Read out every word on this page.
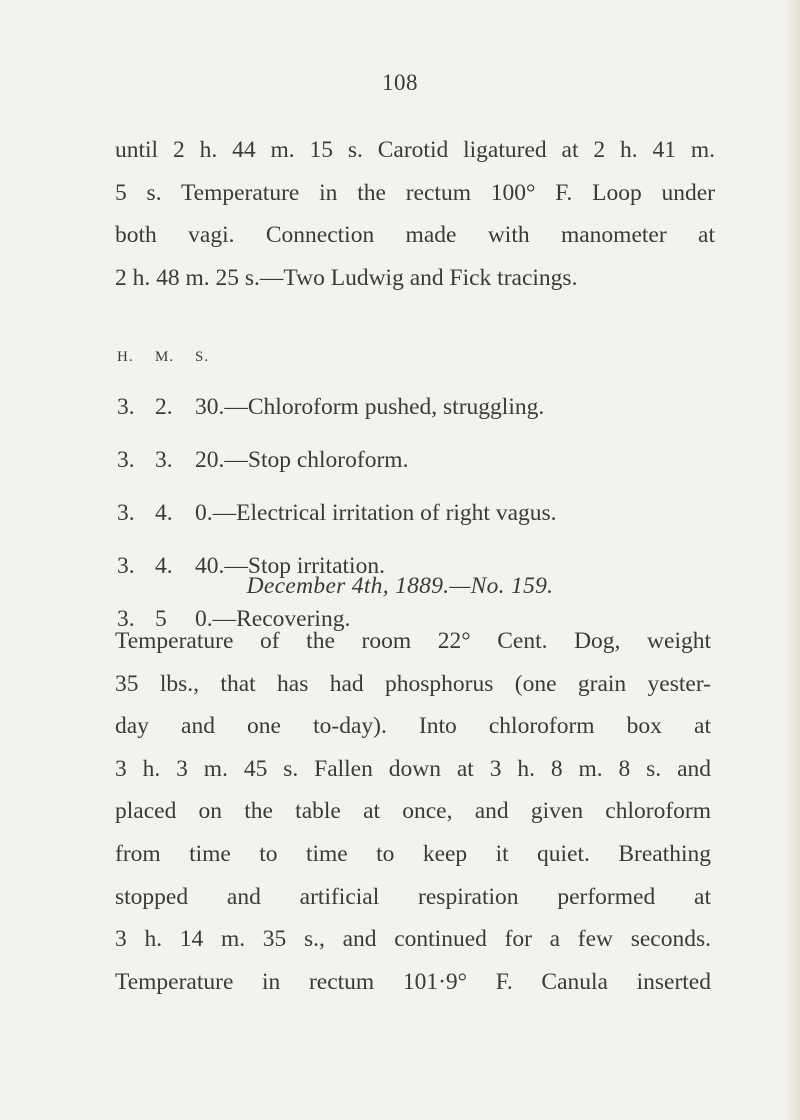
108
until 2 h. 44 m. 15 s. Carotid ligatured at 2 h. 41 m.
5 s. Temperature in the rectum 100° F. Loop under
both vagi. Connection made with manometer at
2 h. 48 m. 25 s.—Two Ludwig and Fick tracings.
H.	M.	S.
3. 2. 30.—Chloroform pushed, struggling.
3. 3. 20.—Stop chloroform.
3. 4. 0.—Electrical irritation of right vagus.
3. 4. 40.—Stop irritation.
3. 5 0.—Recovering.
December 4th, 1889.—No. 159.
Temperature of the room 22° Cent. Dog, weight
35 lbs., that has had phosphorus (one grain yester-
day and one to-day). Into chloroform box at
3 h. 3 m. 45 s. Fallen down at 3 h. 8 m. 8 s. and
placed on the table at once, and given chloroform
from time to time to keep it quiet. Breathing
stopped and artificial respiration performed at
3 h. 14 m. 35 s., and continued for a few seconds.
Temperature in rectum 101·9° F. Canula inserted
